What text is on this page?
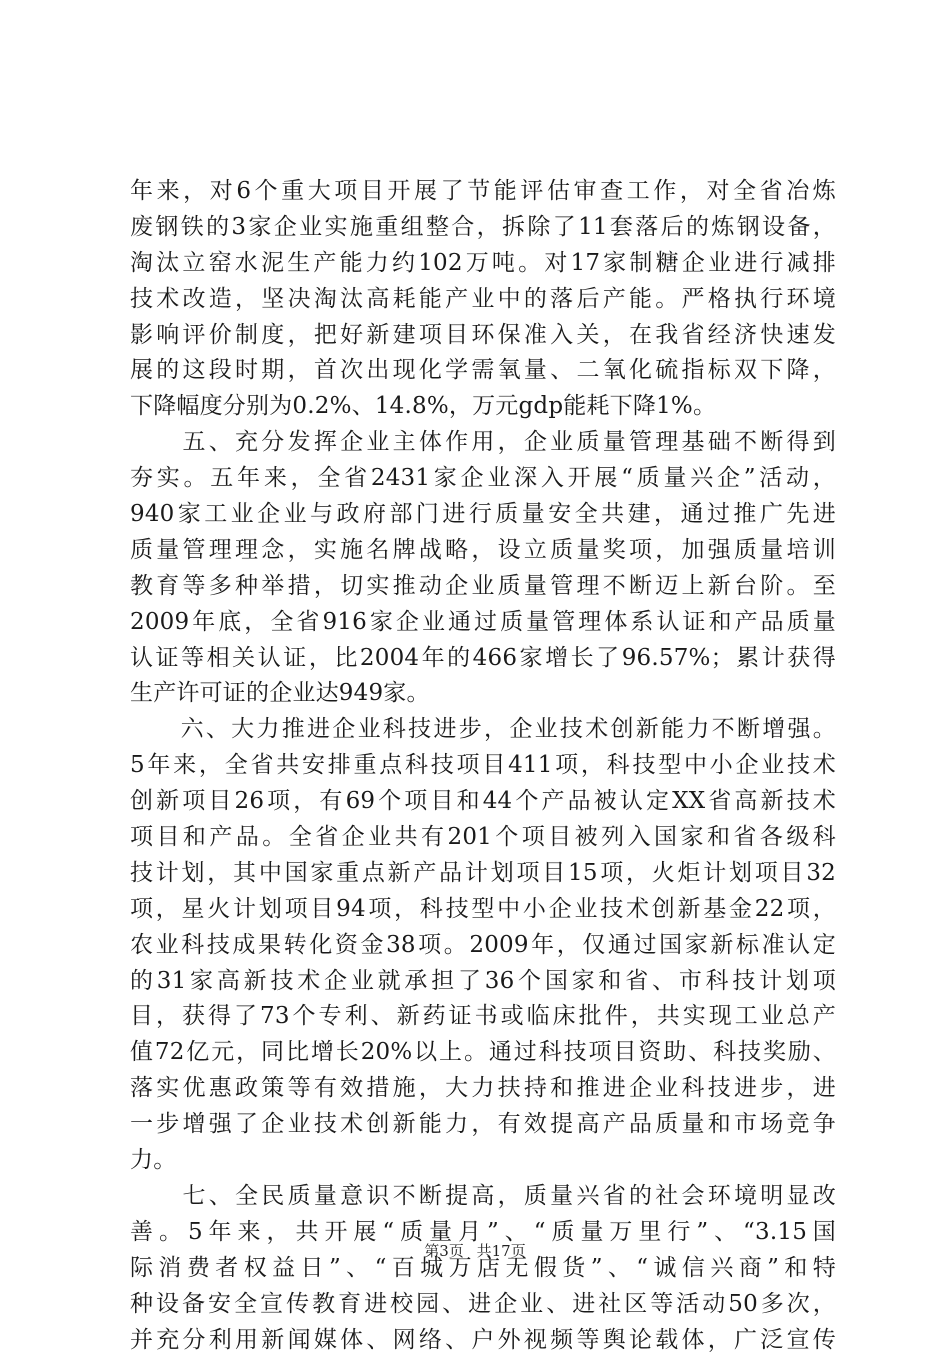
年来，对6个重大项目开展了节能评估审查工作，对全省冶炼
废钢铁的3家企业实施重组整合，拆除了11套落后的炼钢设备，
淘汰立窑水泥生产能力约102万吨。对17家制糖企业进行减排
技术改造，坚决淘汰高耗能产业中的落后产能。严格执行环境
影响评价制度，把好新建项目环保准入关，在我省经济快速发
展的这段时期，首次出现化学需氧量、二氧化硫指标双下降，
下降幅度分别为0.2%、14.8%，万元gdp能耗下降1%。
　　五、充分发挥企业主体作用，企业质量管理基础不断得到
夯实。五年来，全省2431家企业深入开展“质量兴企”活动，
940家工业企业与政府部门进行质量安全共建，通过推广先进
质量管理理念，实施名牌战略，设立质量奖项，加强质量培训
教育等多种举措，切实推动企业质量管理不断迈上新台阶。至
2009年底，全省916家企业通过质量管理体系认证和产品质量
认证等相关认证，比2004年的466家增长了96.57%；累计获得
生产许可证的企业达949家。
　　六、大力推进企业科技进步，企业技术创新能力不断增强。
5年来，全省共安排重点科技项目411项，科技型中小企业技术
创新项目26项，有69个项目和44个产品被认定XX省高新技术
项目和产品。全省企业共有201个项目被列入国家和省各级科
技计划，其中国家重点新产品计划项目15项，火炬计划项目32
项，星火计划项目94项，科技型中小企业技术创新基金22项，
农业科技成果转化资金38项。2009年，仅通过国家新标准认定
的31家高新技术企业就承担了36个国家和省、市科技计划项
目，获得了73个专利、新药证书或临床批件，共实现工业总产
值72亿元，同比增长20%以上。通过科技项目资助、科技奖励、
落实优惠政策等有效措施，大力扶持和推进企业科技进步，进
一步增强了企业技术创新能力，有效提高产品质量和市场竞争
力。
　　七、全民质量意识不断提高，质量兴省的社会环境明显改
善。5年来，共开展“质量月”、“质量万里行”、“3.15国
际消费者权益日”、“百城万店无假货”、“诚信兴商”和特
种设备安全宣传教育进校园、进企业、进社区等活动50多次，
并充分利用新闻媒体、网络、户外视频等舆论载体，广泛宣传
第3页 共17页
